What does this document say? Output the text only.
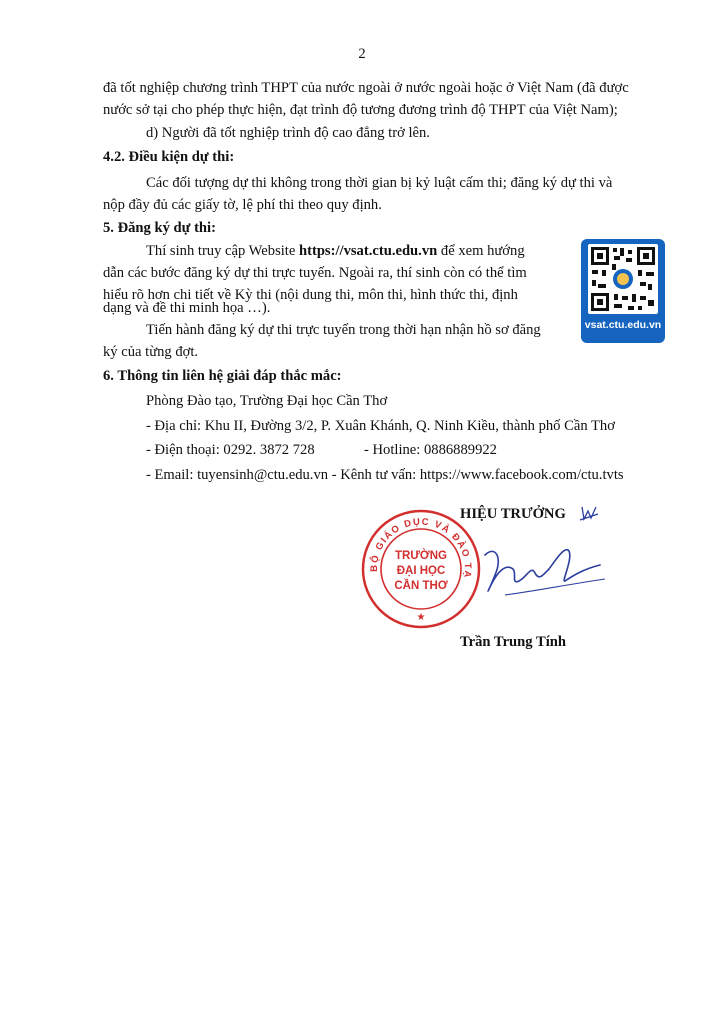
2
đã tốt nghiệp chương trình THPT của nước ngoài ở nước ngoài hoặc ở Việt Nam (đã được
nước sở tại cho phép thực hiện, đạt trình độ tương đương trình độ THPT của Việt Nam);
d) Người đã tốt nghiệp trình độ cao đẳng trở lên.
4.2. Điều kiện dự thi:
Các đối tượng dự thi không trong thời gian bị kỷ luật cấm thi; đăng ký dự thi và
nộp đầy đủ các giấy tờ, lệ phí thi theo quy định.
5. Đăng ký dự thi:
Thí sinh truy cập Website https://vsat.ctu.edu.vn để xem hướng
dẫn các bước đăng ký dự thi trực tuyến. Ngoài ra, thí sinh còn có thể tìm
hiểu rõ hơn chi tiết về Kỳ thi (nội dung thi, môn thi, hình thức thi, định
dạng và đề thi minh họa …).
Tiến hành đăng ký dự thi trực tuyến trong thời hạn nhận hồ sơ đăng
ký của từng đợt.
vsat.ctu.edu.vn
6. Thông tin liên hệ giải đáp thắc mắc:
Phòng Đào tạo, Trường Đại học Cần Thơ
- Địa chỉ: Khu II, Đường 3/2, P. Xuân Khánh, Q. Ninh Kiều, thành phố Cần Thơ
- Điện thoại: 0292. 3872 728	- Hotline: 0886889922
- Email: tuyensinh@ctu.edu.vn - Kênh tư vấn: https://www.facebook.com/ctu.tvts
HIỆU TRƯỞNG
BỘ GIÁO DỤC VÀ ĐÀO TẠ
TRƯỜNG
ĐẠI HỌC
CẦN THƠ
★
Trần Trung Tính
